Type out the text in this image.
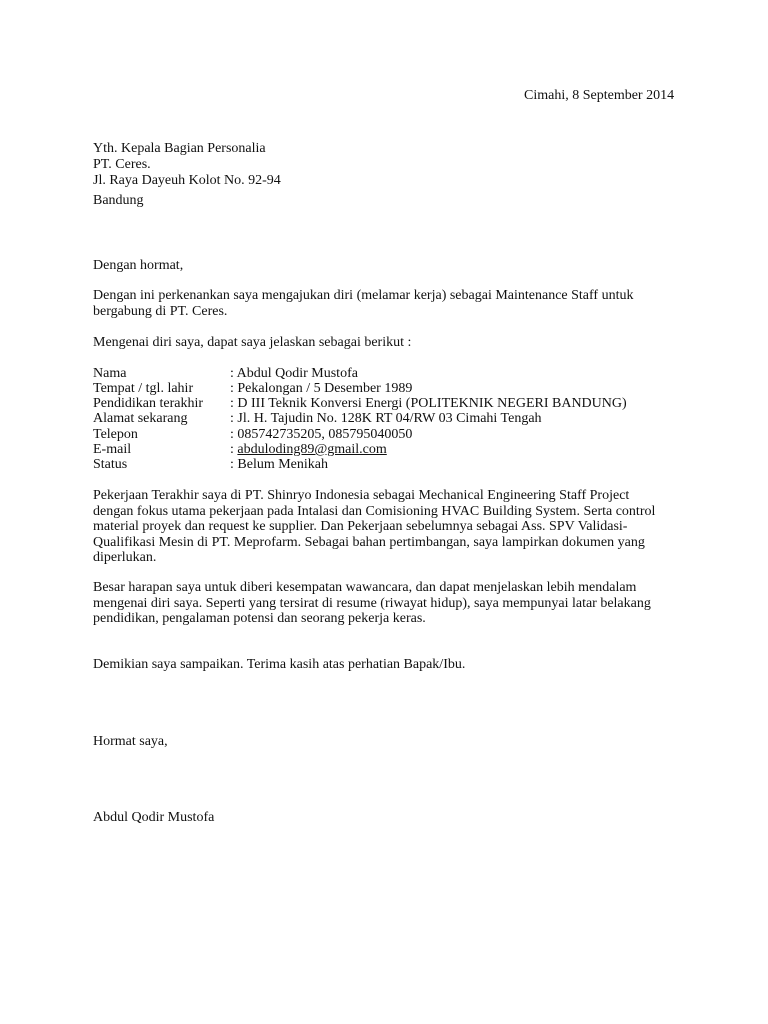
Cimahi, 8 September 2014
Yth. Kepala Bagian Personalia
PT. Ceres.
Jl. Raya Dayeuh Kolot No. 92-94
Bandung
Dengan hormat,
Dengan ini perkenankan saya mengajukan diri (melamar kerja) sebagai Maintenance Staff untuk
bergabung di PT. Ceres.
Mengenai diri saya, dapat saya jelaskan sebagai berikut :
Nama	: Abdul Qodir Mustofa
Tempat / tgl. lahir	: Pekalongan / 5 Desember 1989
Pendidikan terakhir : D III Teknik Konversi Energi (POLITEKNIK NEGERI BANDUNG)
Alamat sekarang	: Jl. H. Tajudin No. 128K RT 04/RW 03 Cimahi Tengah
Telepon	: 085742735205, 085795040050
E-mail	: abduloding89@gmail.com
Status	: Belum Menikah
Pekerjaan Terakhir saya di PT. Shinryo Indonesia sebagai Mechanical Engineering Staff Project
dengan fokus utama pekerjaan pada Intalasi dan Comisioning HVAC Building System. Serta control
material proyek dan request ke supplier. Dan Pekerjaan sebelumnya sebagai Ass. SPV Validasi-
Qualifikasi Mesin di PT. Meprofarm. Sebagai bahan pertimbangan, saya lampirkan dokumen yang
diperlukan.
Besar harapan saya untuk diberi kesempatan wawancara, dan dapat menjelaskan lebih mendalam
mengenai diri saya. Seperti yang tersirat di resume (riwayat hidup), saya mempunyai latar belakang
pendidikan, pengalaman potensi dan seorang pekerja keras.
Demikian saya sampaikan. Terima kasih atas perhatian Bapak/Ibu.
Hormat saya,
Abdul Qodir Mustofa
